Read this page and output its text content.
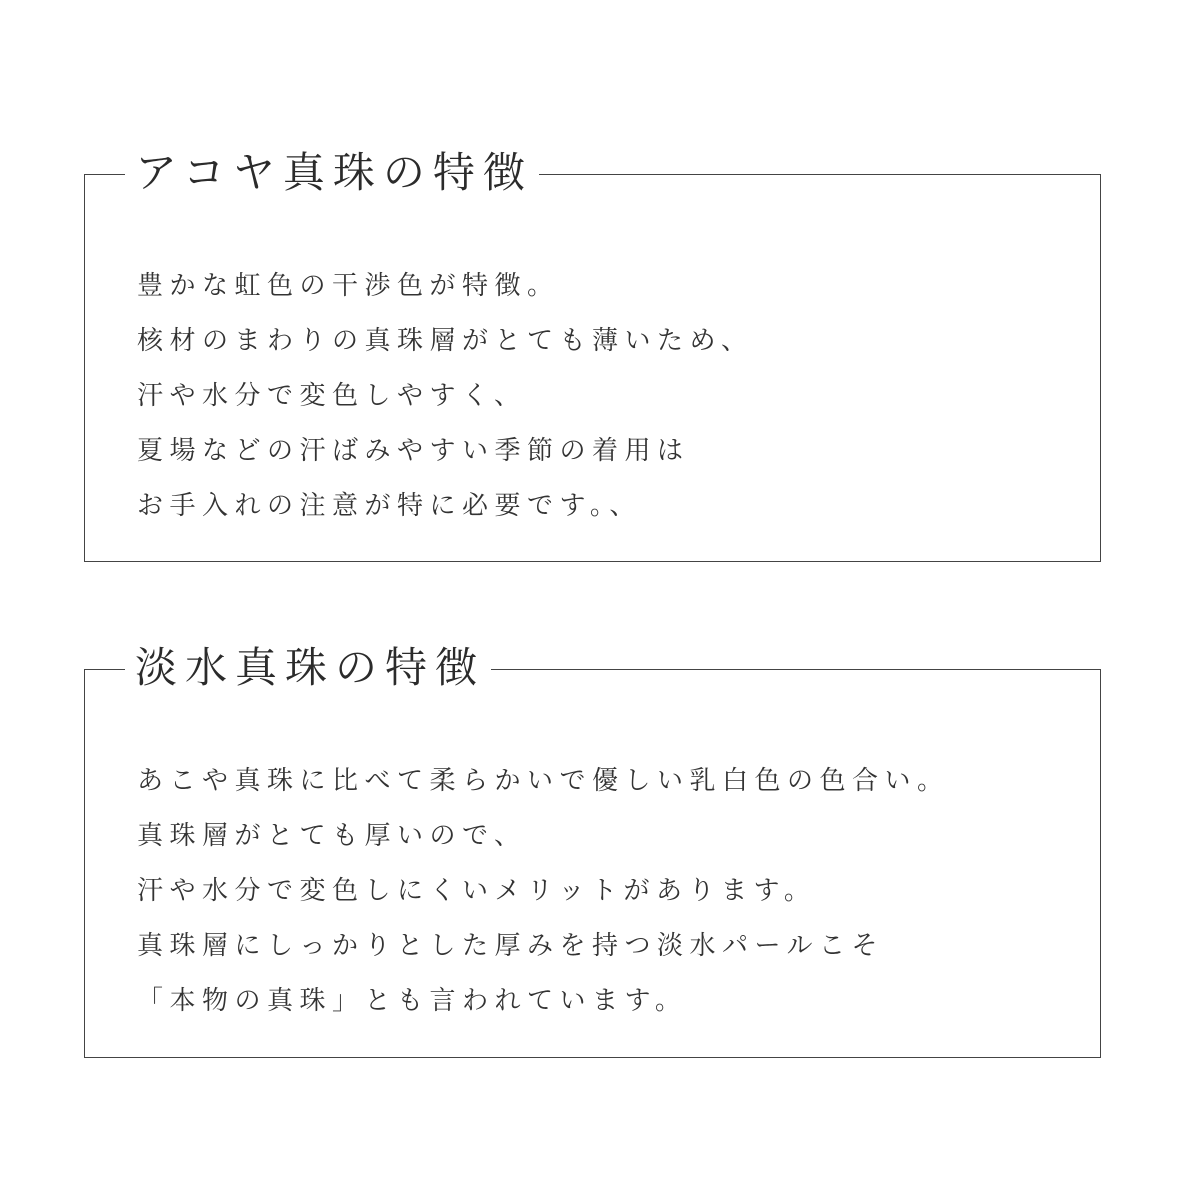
アコヤ真珠の特徴
豊かな虹色の干渉色が特徴。
核材のまわりの真珠層がとても薄いため、
汗や水分で変色しやすく、
夏場などの汗ばみやすい季節の着用は
お手入れの注意が特に必要です。、
淡水真珠の特徴
あこや真珠に比べて柔らかいで優しい乳白色の色合い。
真珠層がとても厚いので、
汗や水分で変色しにくいメリットがあります。
真珠層にしっかりとした厚みを持つ淡水パールこそ
「本物の真珠」とも言われています。
